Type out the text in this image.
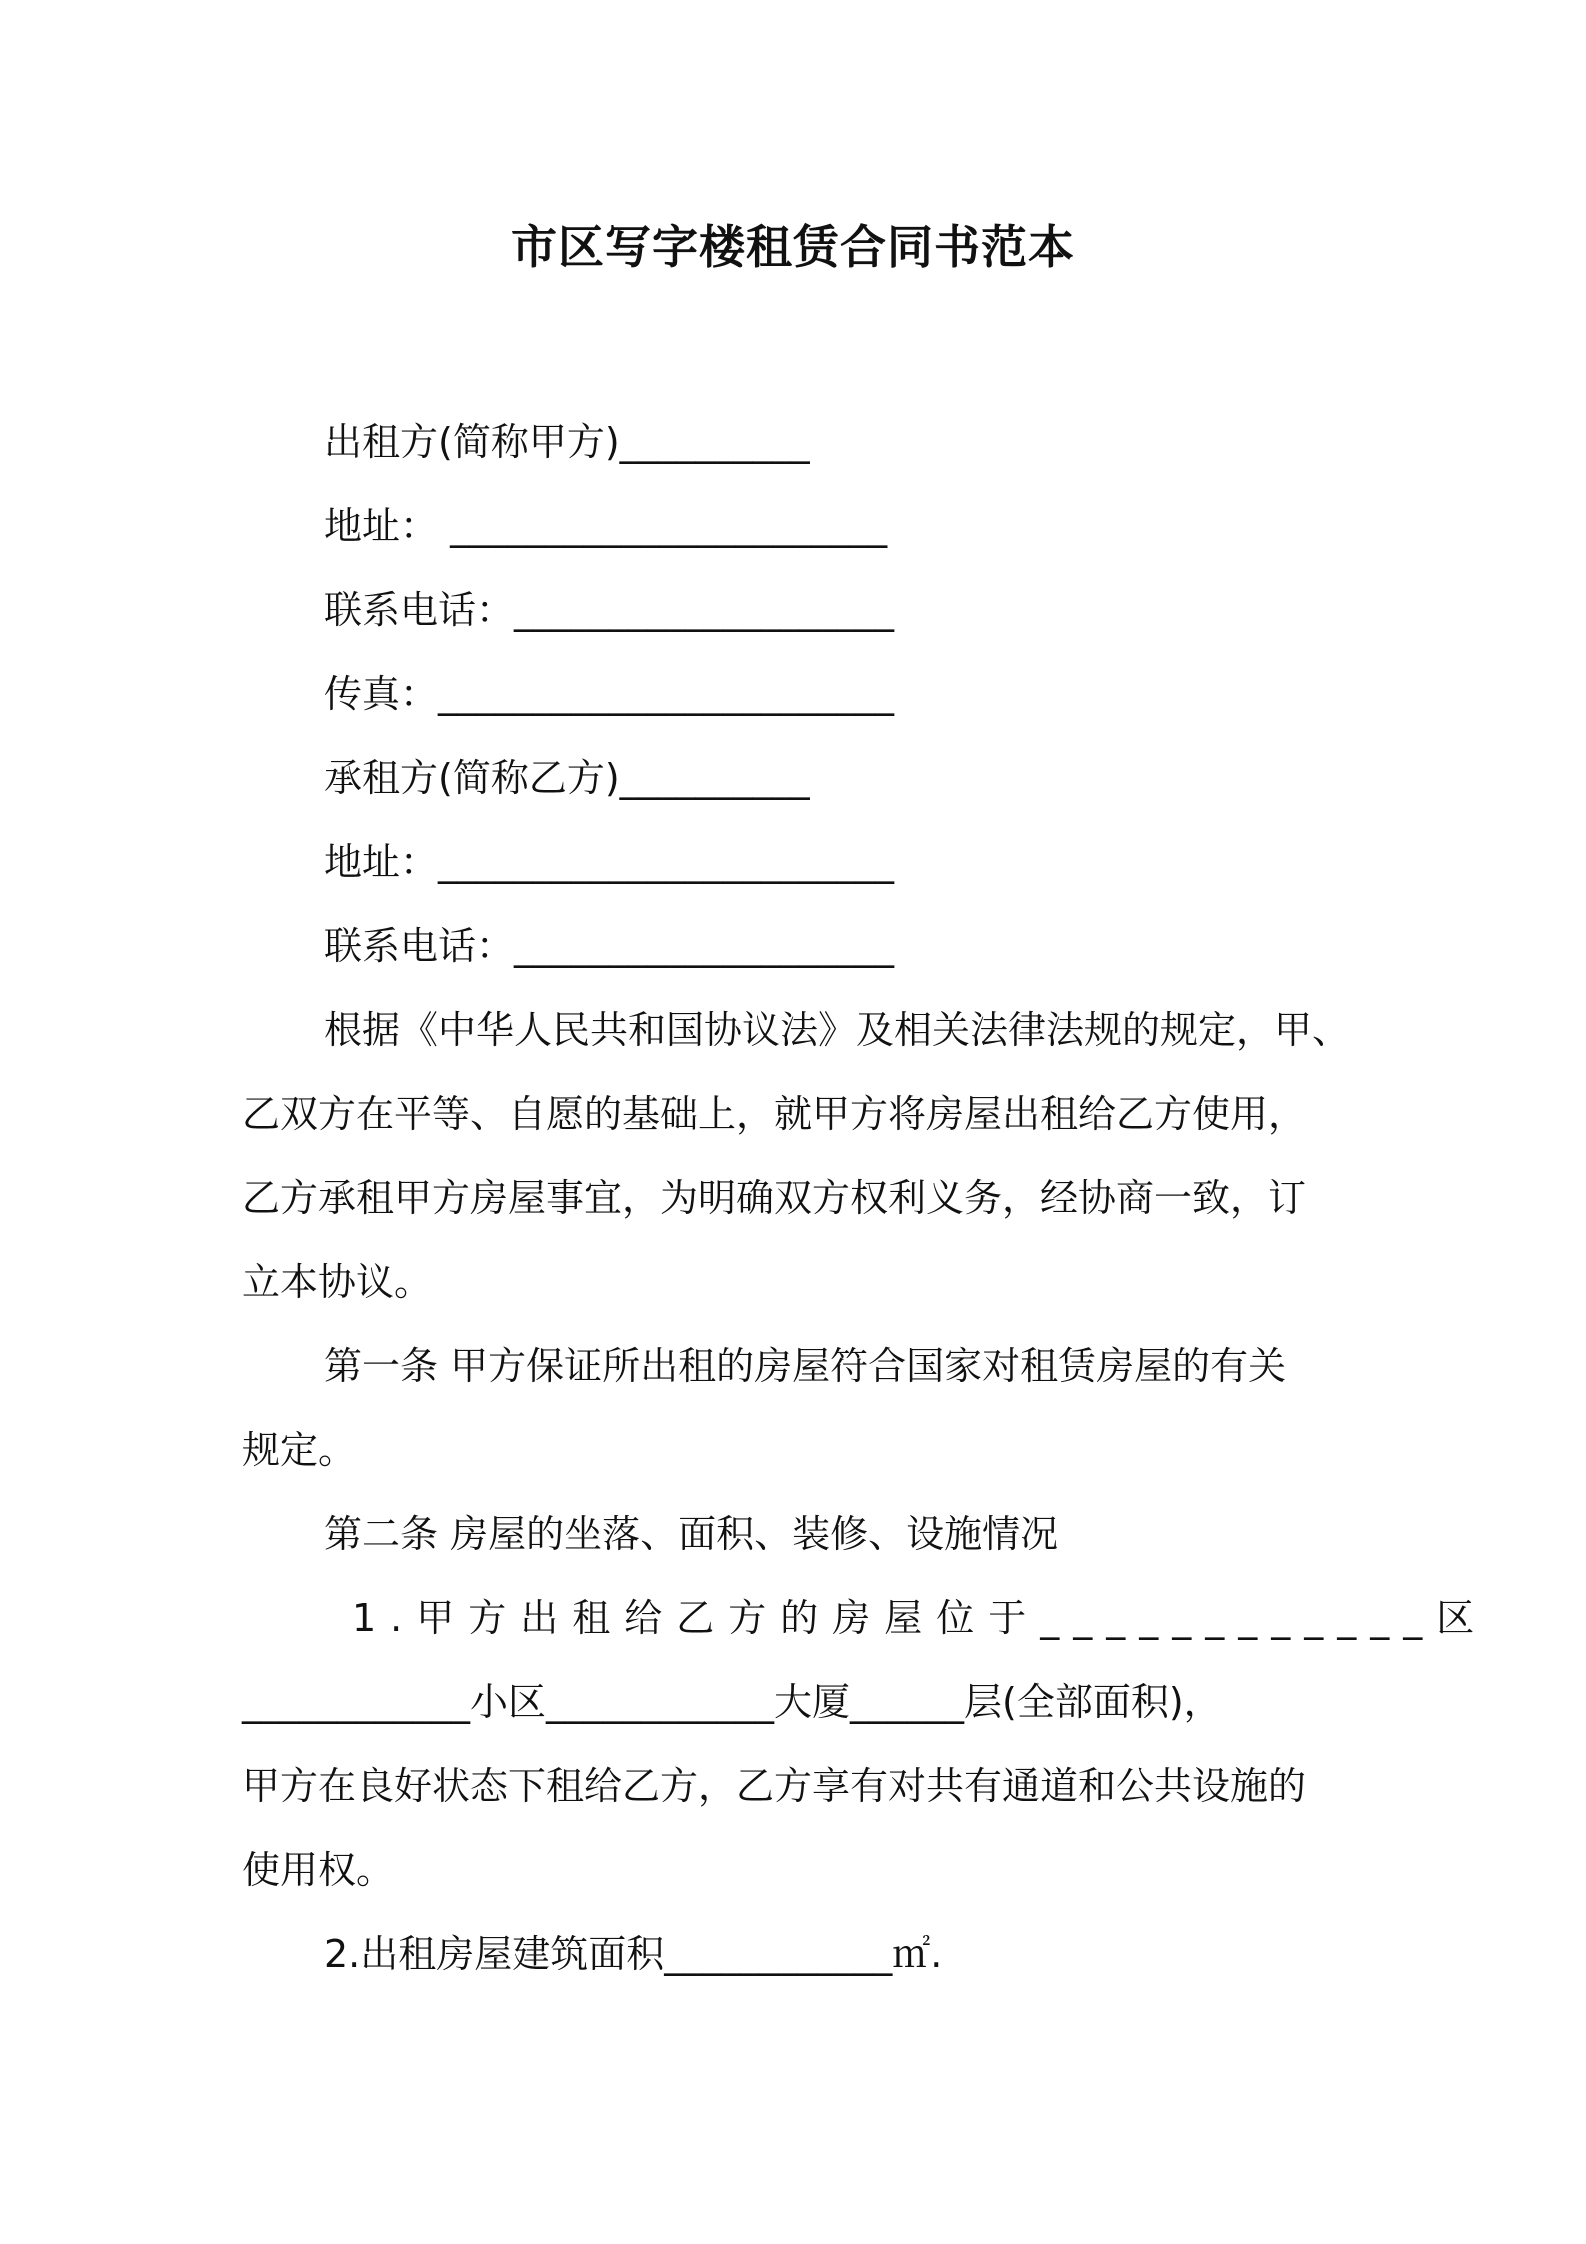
市区写字楼租赁合同书范本
出租方(简称甲方)__________
地址： _______________________
联系电话：____________________
传真：________________________
承租方(简称乙方)__________
地址：________________________
联系电话：____________________
根据《中华人民共和国协议法》及相关法律法规的规定，甲、
乙双方在平等、自愿的基础上，就甲方将房屋出租给乙方使用，
乙方承租甲方房屋事宜，为明确双方权利义务，经协商一致，订
立本协议。
第一条 甲方保证所出租的房屋符合国家对租赁房屋的有关
规定。
第二条 房屋的坐落、面积、装修、设施情况
1.甲方出租给乙方的房屋位于____________区
____________小区____________大厦______层(全部面积)，
甲方在良好状态下租给乙方，乙方享有对共有通道和公共设施的
使用权。
2.出租房屋建筑面积____________㎡.
